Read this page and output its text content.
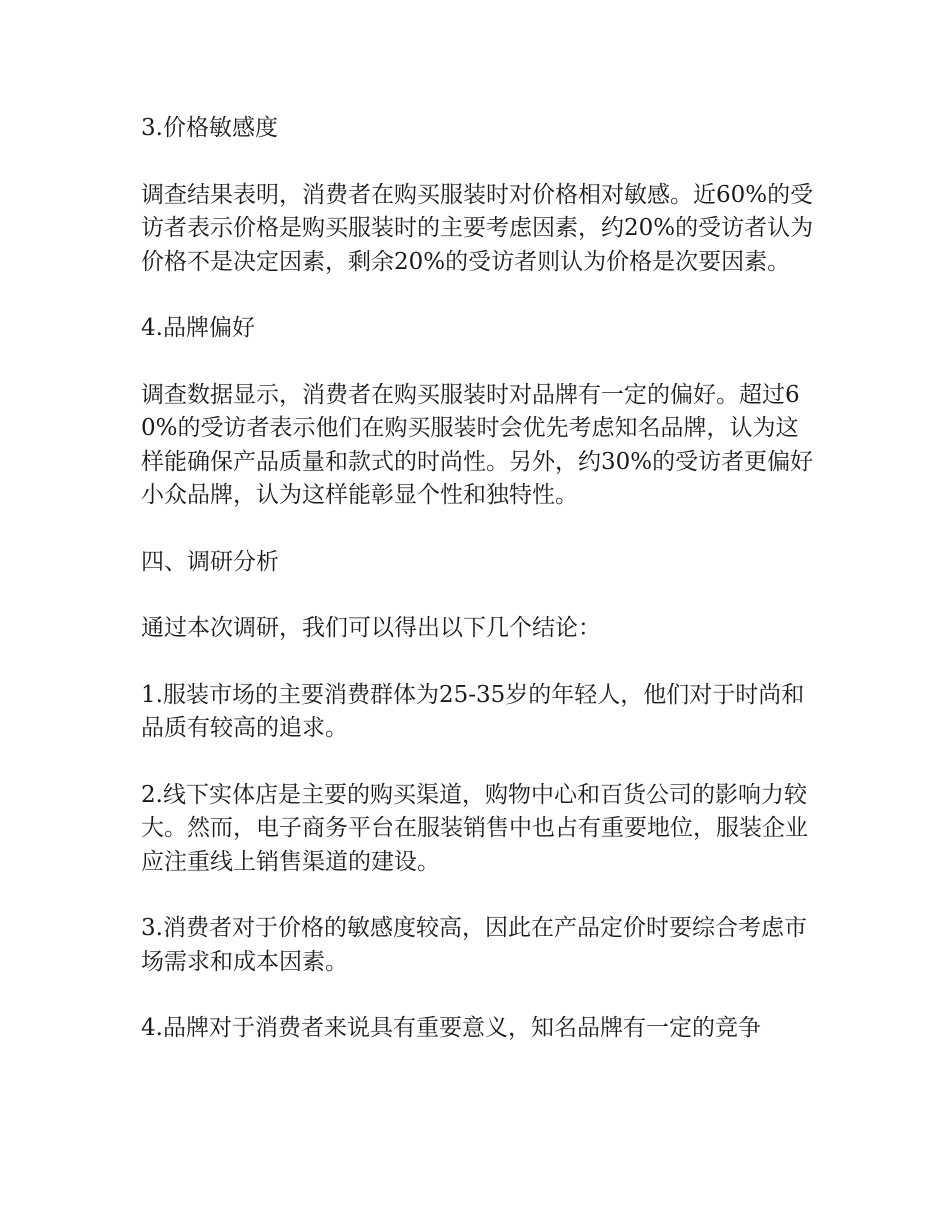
3.价格敏感度

调查结果表明，消费者在购买服装时对价格相对敏感。近60%的受访者表示价格是购买服装时的主要考虑因素，约20%的受访者认为价格不是决定因素，剩余20%的受访者则认为价格是次要因素。

4.品牌偏好

调查数据显示，消费者在购买服装时对品牌有一定的偏好。超过60%的受访者表示他们在购买服装时会优先考虑知名品牌，认为这样能确保产品质量和款式的时尚性。另外，约30%的受访者更偏好小众品牌，认为这样能彰显个性和独特性。

四、调研分析

通过本次调研，我们可以得出以下几个结论：

1.服装市场的主要消费群体为25-35岁的年轻人，他们对于时尚和品质有较高的追求。

2.线下实体店是主要的购买渠道，购物中心和百货公司的影响力较大。然而，电子商务平台在服装销售中也占有重要地位，服装企业应注重线上销售渠道的建设。

3.消费者对于价格的敏感度较高，因此在产品定价时要综合考虑市场需求和成本因素。

4.品牌对于消费者来说具有重要意义，知名品牌有一定的竞争
